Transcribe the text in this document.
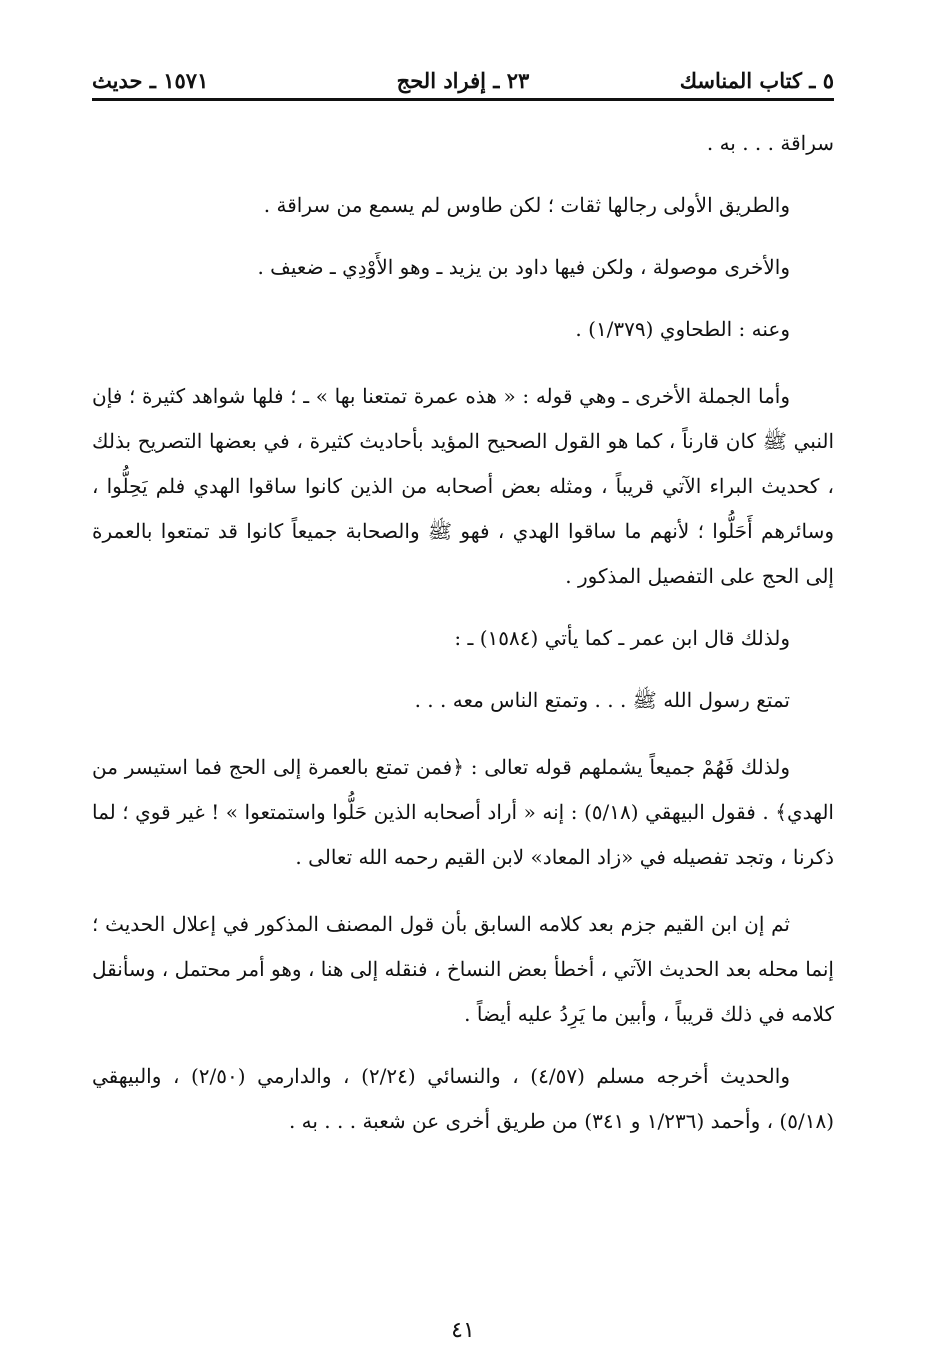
٥ ـ كتاب المناسك
٢٣ ـ إفراد الحج
١٥٧١ ـ حديث

سراقة . . . به .

والطريق الأولى رجالها ثقات ؛ لكن طاوس لم يسمع من سراقة .

والأخرى موصولة ، ولكن فيها داود بن يزيد ـ وهو الأَوْدِي ـ ضعيف .

وعنه : الطحاوي (١/٣٧٩) .

وأما الجملة الأخرى ـ وهي قوله : « هذه عمرة تمتعنا بها » ـ ؛ فلها شواهد كثيرة ؛ فإن النبي ﷺ كان قارناً ، كما هو القول الصحيح المؤيد بأحاديث كثيرة ، في بعضها التصريح بذلك ، كحديث البراء الآتي قريباً ، ومثله بعض أصحابه من الذين كانوا ساقوا الهدي فلم يَحِلُّوا ، وسائرهم أَحَلُّوا ؛ لأنهم ما ساقوا الهدي ، فهو ﷺ والصحابة جميعاً كانوا قد تمتعوا بالعمرة إلى الحج على التفصيل المذكور .

ولذلك قال ابن عمر ـ كما يأتي (١٥٨٤) ـ :

تمتع رسول الله ﷺ . . . وتمتع الناس معه . . .

ولذلك فَهُمْ جميعاً يشملهم قوله تعالى : ﴿فمن تمتع بالعمرة إلى الحج فما استيسر من الهدي﴾ . فقول البيهقي (٥/١٨) : إنه « أراد أصحابه الذين حَلُّوا واستمتعوا » ! غير قوي ؛ لما ذكرنا ، وتجد تفصيله في «زاد المعاد» لابن القيم رحمه الله تعالى .

ثم إن ابن القيم جزم بعد كلامه السابق بأن قول المصنف المذكور في إعلال الحديث ؛ إنما محله بعد الحديث الآتي ، أخطأ بعض النساخ ، فنقله إلى هنا ، وهو أمر محتمل ، وسأنقل كلامه في ذلك قريباً ، وأبين ما يَرِدُ عليه أيضاً .

والحديث أخرجه مسلم (٤/٥٧) ، والنسائي (٢/٢٤) ، والدارمي (٢/٥٠) ، والبيهقي (٥/١٨) ، وأحمد (١/٢٣٦ و ٣٤١) من طريق أخرى عن شعبة . . . به .

٤١
